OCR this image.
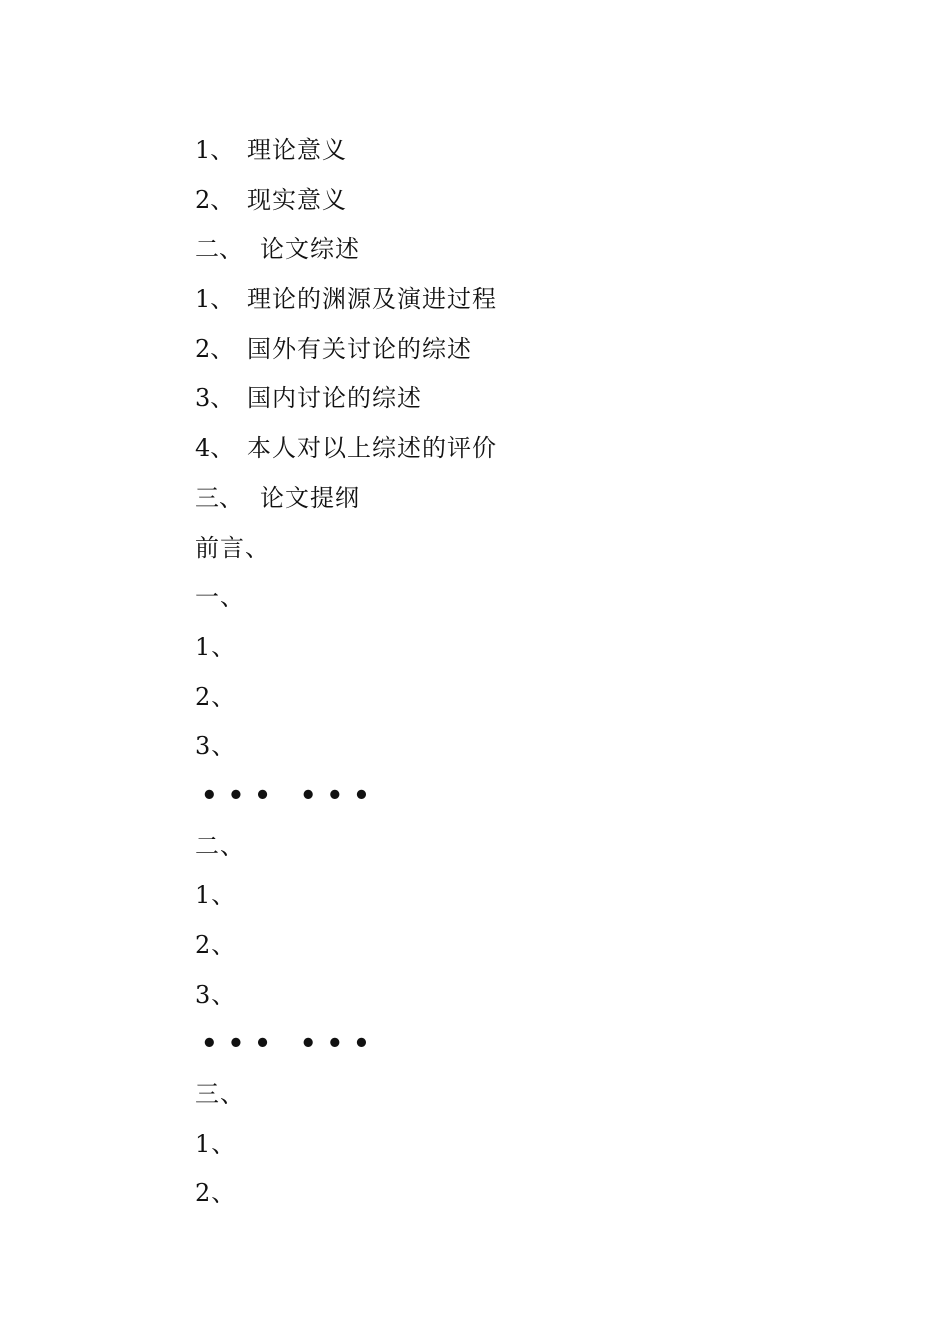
1、 理论意义
2、 现实意义
二、 论文综述
1、 理论的渊源及演进过程
2、 国外有关讨论的综述
3、 国内讨论的综述
4、 本人对以上综述的评价
三、 论文提纲
前言、
一、
1、
2、
3、
••• •••
二、
1、
2、
3、
••• •••
三、
1、
2、
